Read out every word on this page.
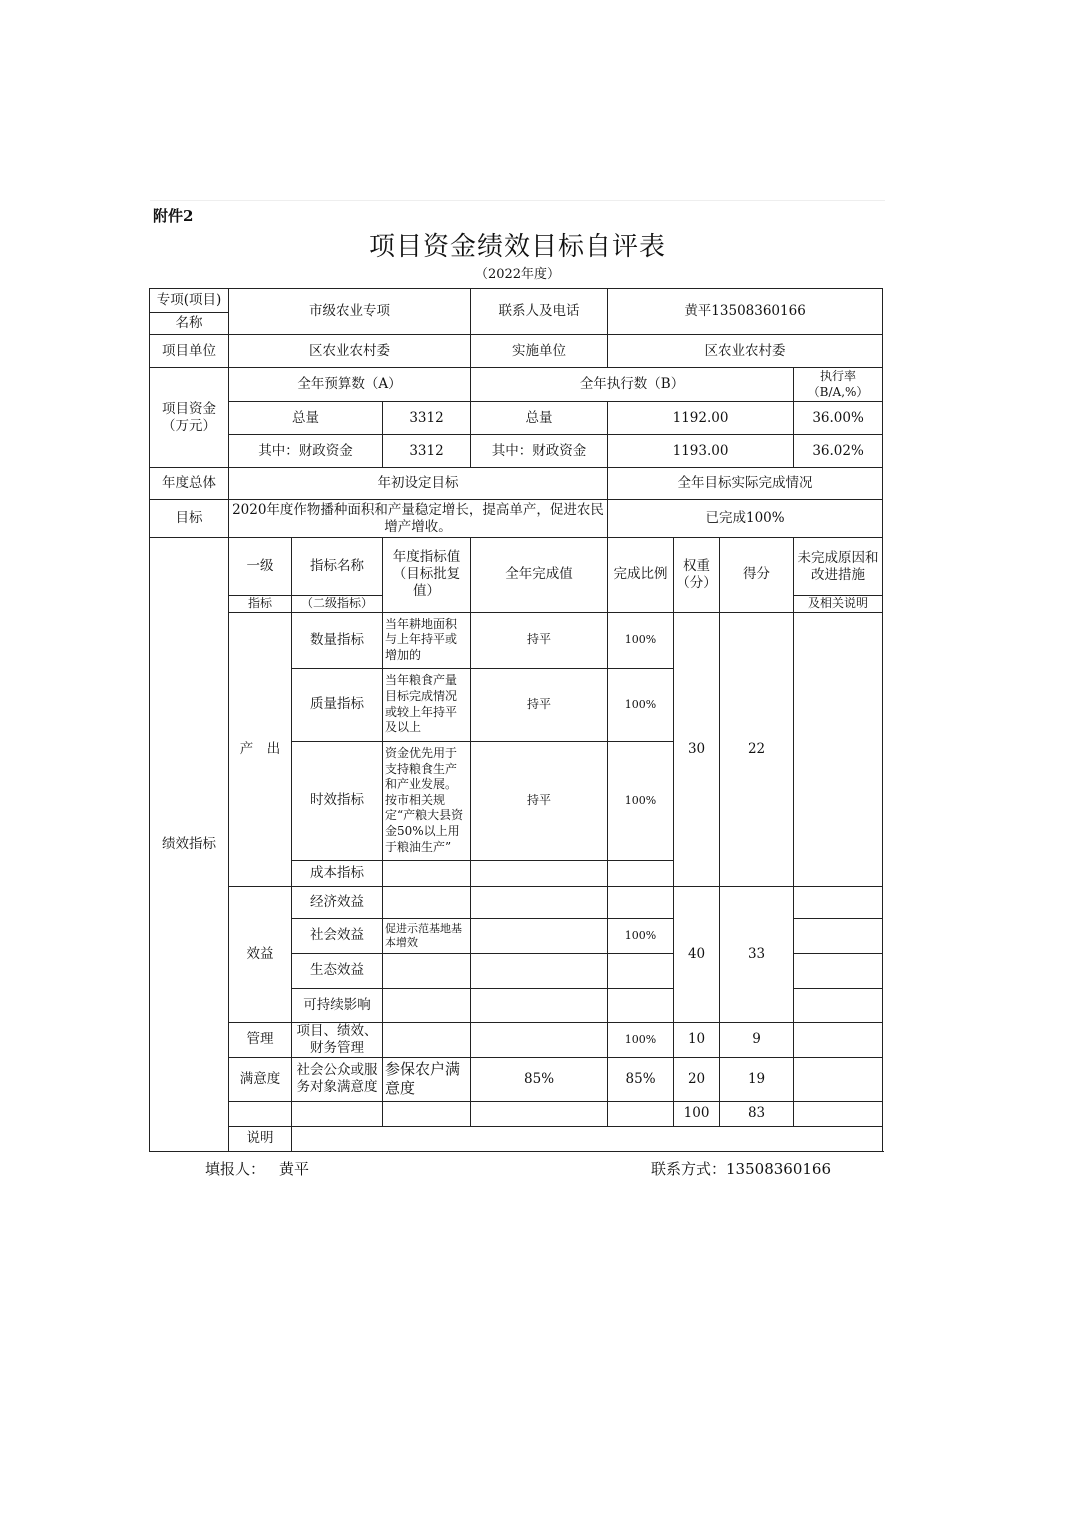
附件2
项目资金绩效目标自评表
（2022年度）
专项(项目)	市级农业专项			联系人及电话	黄平13508360166			
名称								
项目单位	区农业农村委			实施单位	区农业农村委			
项目资金（万元）	全年预算数（A）			全年执行数（B）				执行率（B/A,%）
	总量		3312	总量	1192.00			36.00%
	其中：财政资金		3312	其中：财政资金	1193.00			36.02%
年度总体	年初设定目标				全年目标实际完成情况			
目标	2020年度作物播种面积和产量稳定增长，提高单产，促进农民增产增收。				已完成100%			
绩效指标	一级	指标名称	年度指标值（目标批复值）	全年完成值	完成比例	权重（分）	得分	未完成原因和改进措施
	指标	（二级指标）						及相关说明
	产　出	数量指标	当年耕地面积与上年持平或增加的	持平	100%	30	22	
		质量指标	当年粮食产量目标完成情况或较上年持平及以上	持平	100%			
		时效指标	资金优先用于支持粮食生产和产业发展。按市相关规定“产粮大县资金50%以上用于粮油生产”	持平	100%			
		成本指标						
	效益	经济效益				40	33	
		社会效益	促进示范基地基本增效		100%			
		生态效益						
		可持续影响						
	管理	项目、绩效、财务管理			100%	10	9	
	满意度	社会公众或服务对象满意度	参保农户满意度	85%	85%	20	19	
						100	83	
	说明							
填报人： 黄平	联系方式：13508360166
